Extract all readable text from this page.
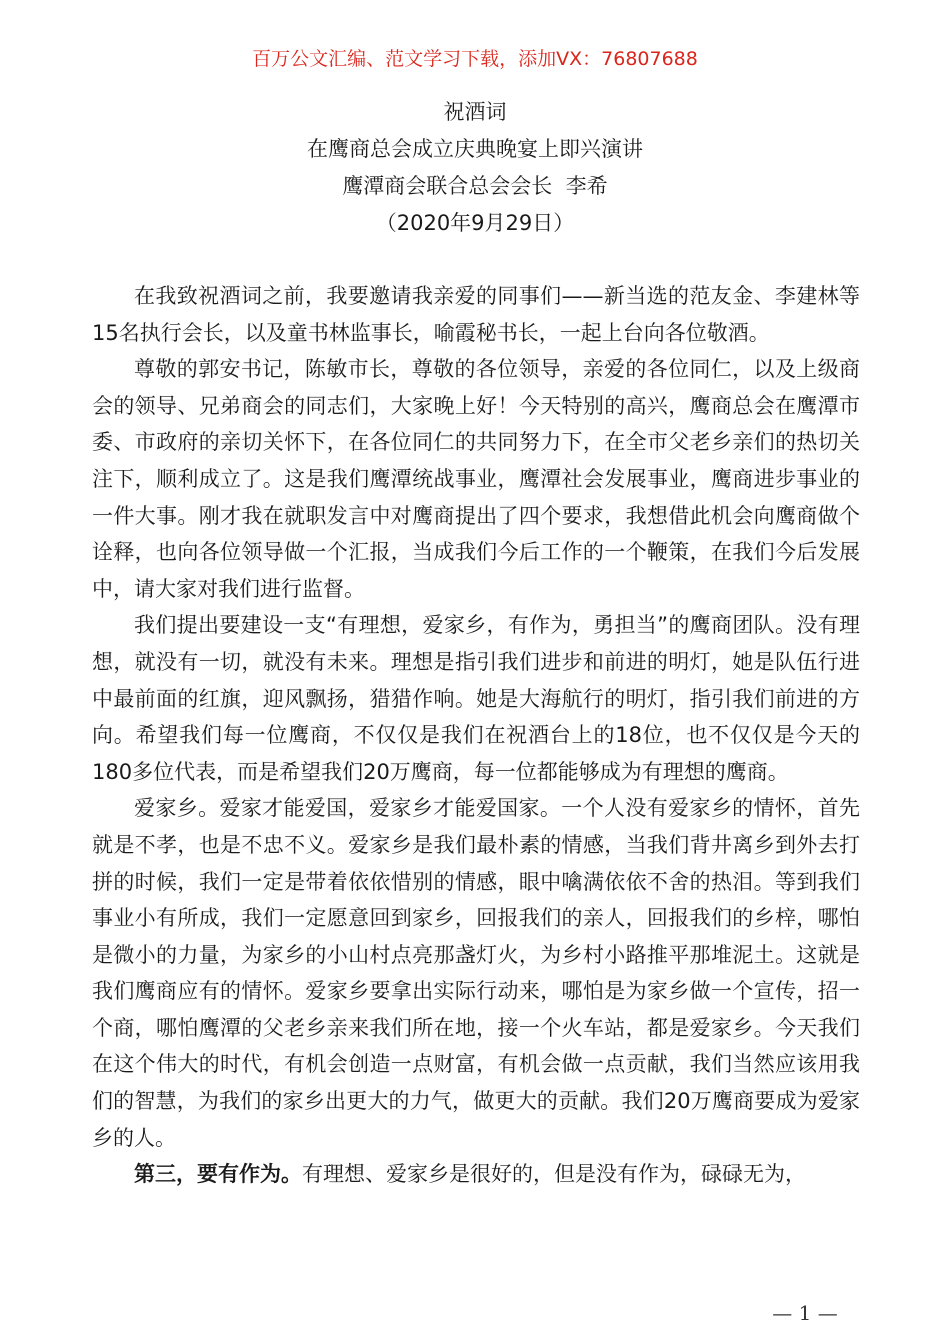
百万公文汇编、范文学习下载，添加VX：76807688
祝酒词
在鹰商总会成立庆典晚宴上即兴演讲
鹰潭商会联合总会会长  李希
（2020年9月29日）

在我致祝酒词之前，我要邀请我亲爱的同事们——新当选的范友金、李建林等15名执行会长，以及童书林监事长，喻霞秘书长，一起上台向各位敬酒。

尊敬的郭安书记，陈敏市长，尊敬的各位领导，亲爱的各位同仁，以及上级商会的领导、兄弟商会的同志们，大家晚上好！今天特别的高兴，鹰商总会在鹰潭市委、市政府的亲切关怀下，在各位同仁的共同努力下，在全市父老乡亲们的热切关注下，顺利成立了。这是我们鹰潭统战事业，鹰潭社会发展事业，鹰商进步事业的一件大事。刚才我在就职发言中对鹰商提出了四个要求，我想借此机会向鹰商做个诠释，也向各位领导做一个汇报，当成我们今后工作的一个鞭策，在我们今后发展中，请大家对我们进行监督。

我们提出要建设一支“有理想，爱家乡，有作为，勇担当”的鹰商团队。没有理想，就没有一切，就没有未来。理想是指引我们进步和前进的明灯，她是队伍行进中最前面的红旗，迎风飘扬，猎猎作响。她是大海航行的明灯，指引我们前进的方向。希望我们每一位鹰商，不仅仅是我们在祝酒台上的18位，也不仅仅是今天的180多位代表，而是希望我们20万鹰商，每一位都能够成为有理想的鹰商。

爱家乡。爱家才能爱国，爱家乡才能爱国家。一个人没有爱家乡的情怀，首先就是不孝，也是不忠不义。爱家乡是我们最朴素的情感，当我们背井离乡到外去打拼的时候，我们一定是带着依依惜别的情感，眼中噙满依依不舍的热泪。等到我们事业小有所成，我们一定愿意回到家乡，回报我们的亲人，回报我们的乡梓，哪怕是微小的力量，为家乡的小山村点亮那盏灯火，为乡村小路推平那堆泥土。这就是我们鹰商应有的情怀。爱家乡要拿出实际行动来，哪怕是为家乡做一个宣传，招一个商，哪怕鹰潭的父老乡亲来我们所在地，接一个火车站，都是爱家乡。今天我们在这个伟大的时代，有机会创造一点财富，有机会做一点贡献，我们当然应该用我们的智慧，为我们的家乡出更大的力气，做更大的贡献。我们20万鹰商要成为爱家乡的人。

第三，要有作为。有理想、爱家乡是很好的，但是没有作为，碌碌无为，

— 1 —
